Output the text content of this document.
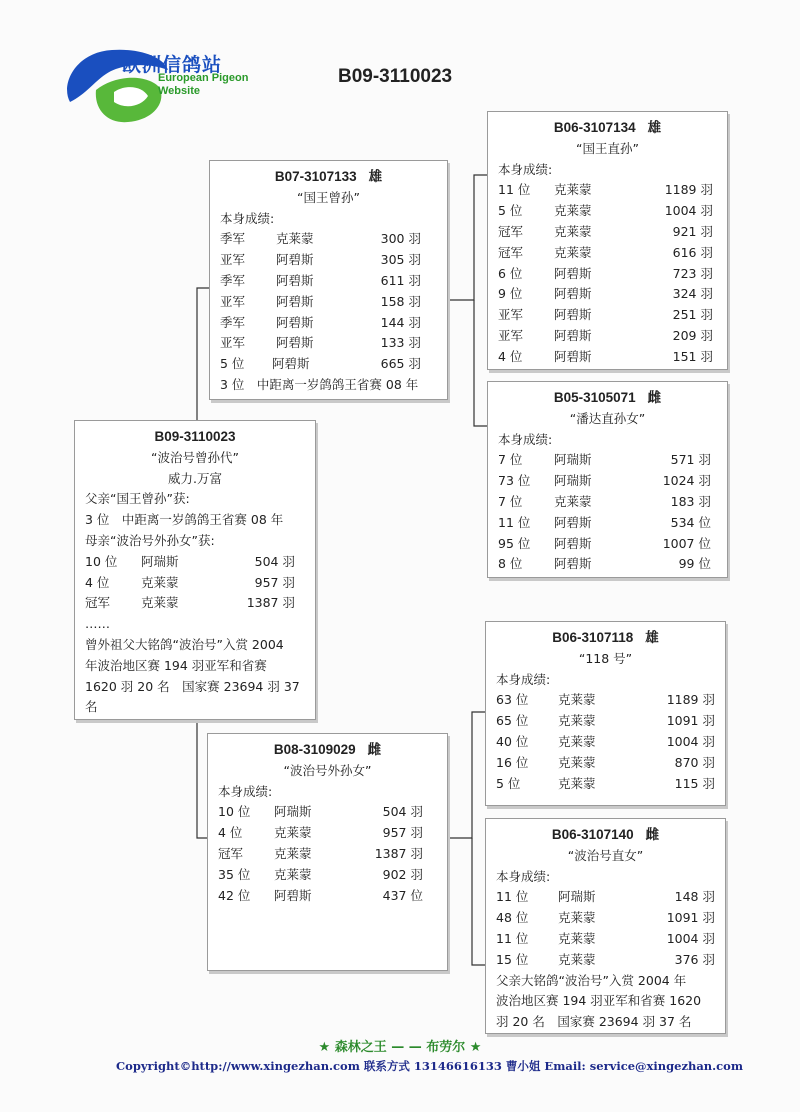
欧洲信鸽站
European Pigeon
Website
B09-3110023
B09-3110023
“波治号曾孙代”
威力.万富
父亲“国王曾孙”获:
3 位　中距离一岁鸽鸽王省赛 08 年
母亲“波治号外孙女”获:
10 位 阿瑞斯	504 羽
4 位	克莱蒙	957 羽
冠军 克莱蒙	1387 羽
……
曾外祖父大铭鸽“波治号”入赏 2004
年波治地区赛 194 羽亚军和省赛
1620 羽 20 名　国家赛 23694 羽 37
名
B07-3107133 雄
“国王曾孙”
本身成绩:
季军 克莱蒙	300 羽
亚军 阿碧斯	305 羽
季军 阿碧斯	611 羽
亚军 阿碧斯	158 羽
季军 阿碧斯	144 羽
亚军 阿碧斯	133 羽
5 位 阿碧斯	665 羽
3 位　中距离一岁鸽鸽王省赛 08 年
B08-3109029 雌
“波治号外孙女”
本身成绩:
10 位 阿瑞斯	504 羽
4 位	克莱蒙	957 羽
冠军 克莱蒙	1387 羽
35 位 克莱蒙	902 羽
42 位 阿碧斯	437 位
B06-3107134 雄
“国王直孙”
本身成绩:
11 位 克莱蒙	1189 羽
5 位	克莱蒙	1004 羽
冠军 克莱蒙	921 羽
冠军 克莱蒙	616 羽
6 位	阿碧斯	723 羽
9 位	阿碧斯	324 羽
亚军 阿碧斯	251 羽
亚军 阿碧斯	209 羽
4 位	阿碧斯	151 羽
B05-3105071 雌
“潘达直孙女”
本身成绩:
7 位	阿瑞斯	571 羽
73 位 阿瑞斯	1024 羽
7 位	克莱蒙	183 羽
11 位 阿碧斯	534 位
95 位 阿碧斯	1007 位
8 位	阿碧斯	99 位
B06-3107118 雄
“118 号”
本身成绩:
63 位 克莱蒙	1189 羽
65 位 克莱蒙	1091 羽
40 位 克莱蒙	1004 羽
16 位 克莱蒙	870 羽
5 位	克莱蒙	115 羽
B06-3107140 雌
“波治号直女”
本身成绩:
11 位 阿瑞斯	148 羽
48 位 克莱蒙	1091 羽
11 位 克莱蒙	1004 羽
15 位 克莱蒙	376 羽
父亲大铭鸽“波治号”入赏 2004 年
波治地区赛 194 羽亚军和省赛 1620
羽 20 名　国家赛 23694 羽 37 名
★ 森林之王 — — 布劳尔 ★
Copyright©http://www.xingezhan.com 联系方式 13146616133 曹小姐 Email: service@xingezhan.com
